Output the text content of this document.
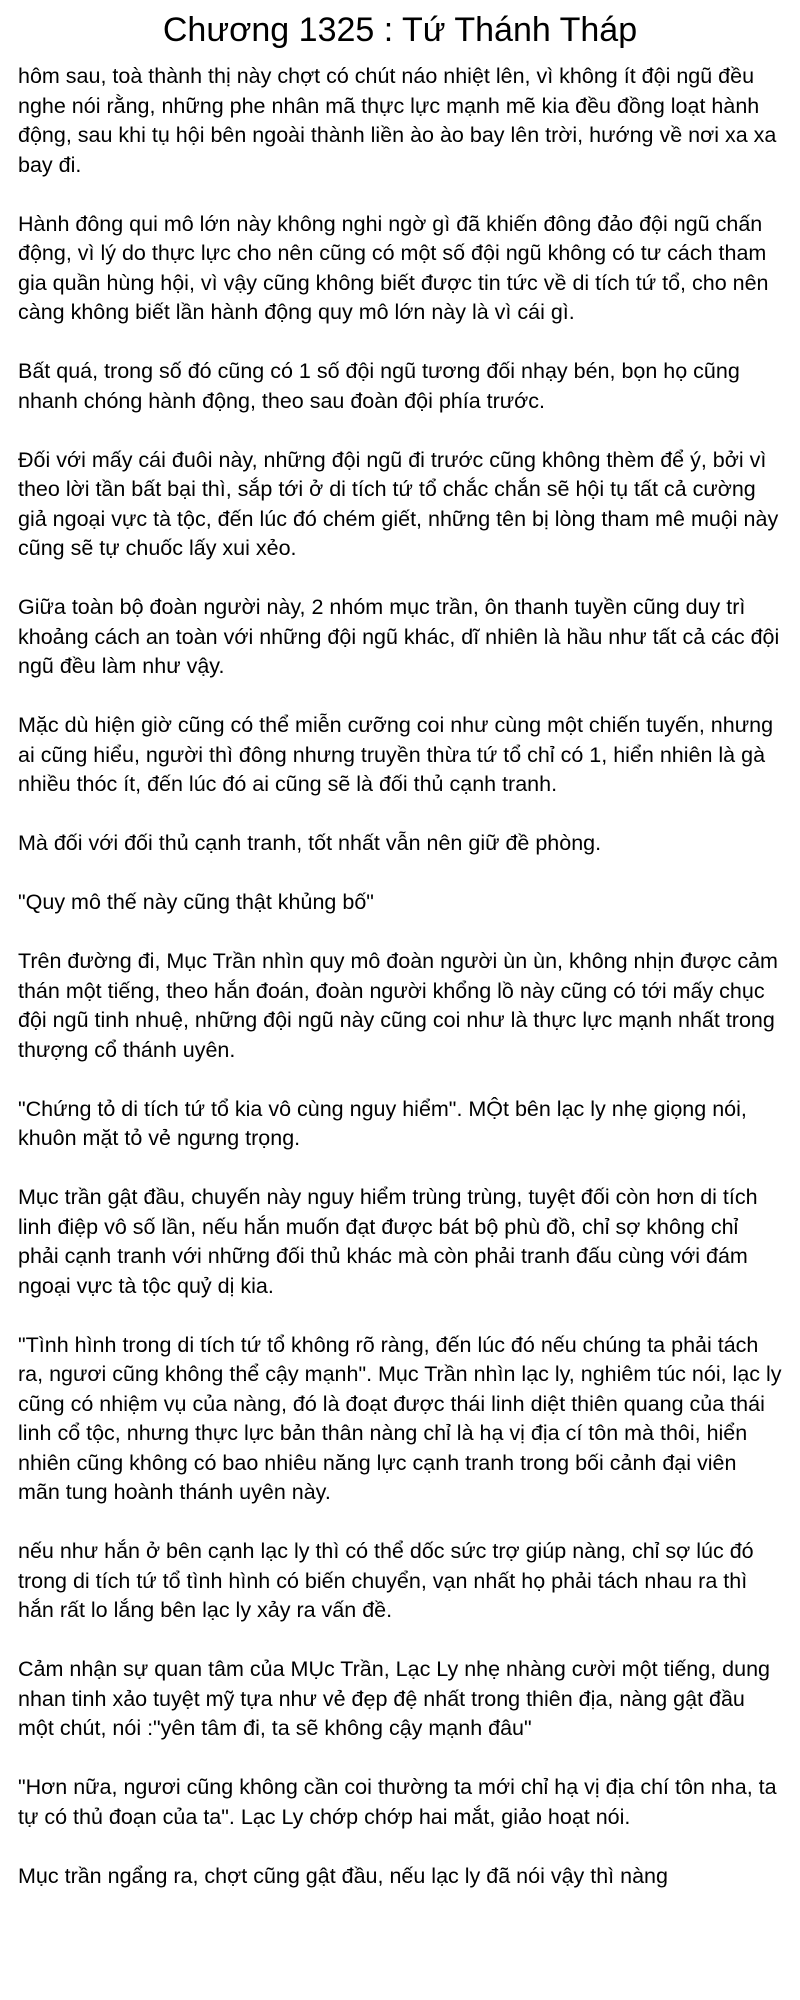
Chương 1325 : Tứ Thánh Tháp

hôm sau, toà thành thị này chợt có chút náo nhiệt lên, vì không ít đội ngũ đều nghe nói rằng, những phe nhân mã thực lực mạnh mẽ kia đều đồng loạt hành động, sau khi tụ hội bên ngoài thành liền ào ào bay lên trời, hướng về nơi xa xa bay đi.

Hành đông qui mô lớn này không nghi ngờ gì đã khiến đông đảo đội ngũ chấn động, vì lý do thực lực cho nên cũng có một số đội ngũ không có tư cách tham gia quần hùng hội, vì vậy cũng không biết được tin tức về di tích tứ tổ, cho nên càng không biết lần hành động quy mô lớn này là vì cái gì.

Bất quá, trong số đó cũng có 1 số đội ngũ tương đối nhạy bén, bọn họ cũng nhanh chóng hành động, theo sau đoàn đội phía trước.

Đối với mấy cái đuôi này, những đội ngũ đi trước cũng không thèm để ý, bởi vì theo lời tần bất bại thì, sắp tới ở di tích tứ tổ chắc chắn sẽ hội tụ tất cả cường giả ngoại vực tà tộc, đến lúc đó chém giết, những tên bị lòng tham mê muội này cũng sẽ tự chuốc lấy xui xẻo.

Giữa toàn bộ đoàn người này, 2 nhóm mục trần, ôn thanh tuyền cũng duy trì khoảng cách an toàn với những đội ngũ khác, dĩ nhiên là hầu như tất cả các đội ngũ đều làm như vậy.

Mặc dù hiện giờ cũng có thể miễn cưỡng coi như cùng một chiến tuyến, nhưng ai cũng hiểu, người thì đông nhưng truyền thừa tứ tổ chỉ có 1, hiển nhiên là gà nhiều thóc ít, đến lúc đó ai cũng sẽ là đối thủ cạnh tranh.

Mà đối với đối thủ cạnh tranh, tốt nhất vẫn nên giữ đề phòng.

"Quy mô thế này cũng thật khủng bố"

Trên đường đi, Mục Trần nhìn quy mô đoàn người ùn ùn, không nhịn được cảm thán một tiếng, theo hắn đoán, đoàn người khổng lồ này cũng có tới mấy chục đội ngũ tinh nhuệ, những đội ngũ này cũng coi như là thực lực mạnh nhất trong thượng cổ thánh uyên.

"Chứng tỏ di tích tứ tổ kia vô cùng nguy hiểm". MỘt bên lạc ly nhẹ giọng nói, khuôn mặt tỏ vẻ ngưng trọng.

Mục trần gật đầu, chuyến này nguy hiểm trùng trùng, tuyệt đối còn hơn di tích linh điệp vô số lần, nếu hắn muốn đạt được bát bộ phù đồ, chỉ sợ không chỉ phải cạnh tranh với những đối thủ khác mà còn phải tranh đấu cùng với đám ngoại vực tà tộc quỷ dị kia.

"Tình hình trong di tích tứ tổ không rõ ràng, đến lúc đó nếu chúng ta phải tách ra, ngươi cũng không thể cậy mạnh". Mục Trần nhìn lạc ly, nghiêm túc nói, lạc ly cũng có nhiệm vụ của nàng, đó là đoạt được thái linh diệt thiên quang của thái linh cổ tộc, nhưng thực lực bản thân nàng chỉ là hạ vị địa cí tôn mà thôi, hiển nhiên cũng không có bao nhiêu năng lực cạnh tranh trong bối cảnh đại viên mãn tung hoành thánh uyên này.

nếu như hắn ở bên cạnh lạc ly thì có thể dốc sức trợ giúp nàng, chỉ sợ lúc đó trong di tích tứ tổ tình hình có biến chuyển, vạn nhất họ phải tách nhau ra thì hắn rất lo lắng bên lạc ly xảy ra vấn đề.

Cảm nhận sự quan tâm của MỤc Trần, Lạc Ly nhẹ nhàng cười một tiếng, dung nhan tinh xảo tuyệt mỹ tựa như vẻ đẹp đệ nhất trong thiên địa, nàng gật đầu một chút, nói :"yên tâm đi, ta sẽ không cậy mạnh đâu"

"Hơn nữa, ngươi cũng không cần coi thường ta mới chỉ hạ vị địa chí tôn nha, ta tự có thủ đoạn của ta". Lạc Ly chớp chớp hai mắt, giảo hoạt nói.

Mục trần ngẩng ra, chợt cũng gật đầu, nếu lạc ly đã nói vậy thì nàng
